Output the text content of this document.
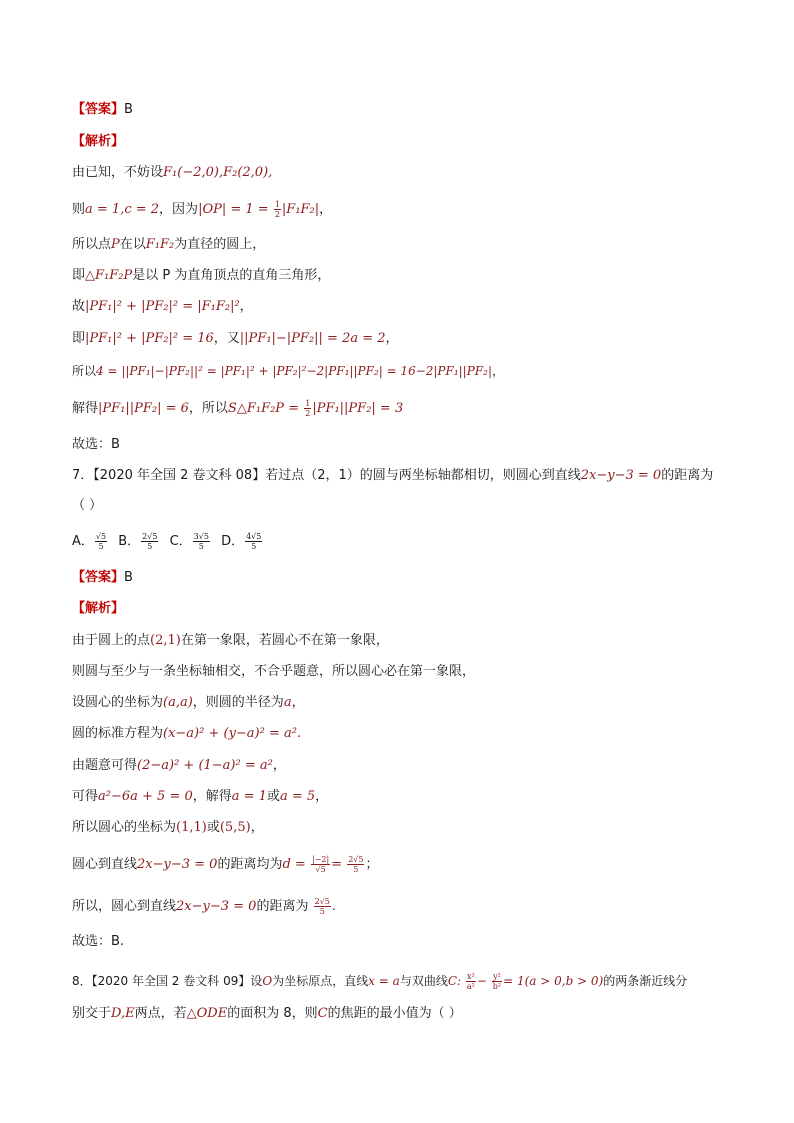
【答案】B
【解析】
由已知，不妨设F₁(−2,0),F₂(2,0),
则a = 1,c = 2，因为$|OP| = 1 = \frac{1}{2} |F_1F_2|$，
所以点P在以F₁F₂为直径的圆上，
即△F₁F₂P是以 P 为直角顶点的直角三角形，
故|PF₁|² + |PF₂|² = |F₁F₂|²，
即|PF₁|² + |PF₂|² = 16，又||PF₁|−|PF₂|| = 2a = 2，
所以4 = ||PF₁|−|PF₂||² = |PF₁|² + |PF₂|²−2|PF₁||PF₂| = 16−2|PF₁||PF₂|，
解得|PF₁||PF₂| = 6，所以S△F₁F₂P = $\frac{1}{2} |PF_1||PF_2| = 3$
故选：B
7．【2020 年全国 2 卷文科 08】若过点（2，1）的圆与两坐标轴都相切，则圆心到直线2x−y−3 = 0的距离为
（ ）
A． $\frac{√5}{5}$ B． $\frac{2√5}{5}$ C． $\frac{3√5}{5}$ D． $\frac{4√5}{5}$
【答案】B
【解析】
由于圆上的点(2,1)在第一象限，若圆心不在第一象限，
则圆与至少与一条坐标轴相交，不合乎题意，所以圆心必在第一象限，
设圆心的坐标为(a,a)，则圆的半径为a，
圆的标准方程为(x−a)² + (y−a)² = a².
由题意可得(2−a)² + (1−a)² = a²，
可得a²−6a + 5 = 0，解得a = 1或a = 5，
所以圆心的坐标为(1,1)或(5,5)，
圆心到直线2x−y−3 = 0的距离均为$d = \frac{|-2|}{√5} = \frac{2√5}{5}$ ；
所以，圆心到直线2x−y−3 = 0的距离为 $\frac{2√5}{5}$ .
故选：B.
8．【2020 年全国 2 卷文科 09】设O为坐标原点，直线x = a与双曲线C: $\frac{\text{x²}}{\text{a²}} - \frac{\text{y²}}{\text{b²}} = 1(a > 0,b > 0)$的两条渐近线分
别交于D,E两点，若△ODE的面积为 8，则C的焦距的最小值为（ ）
